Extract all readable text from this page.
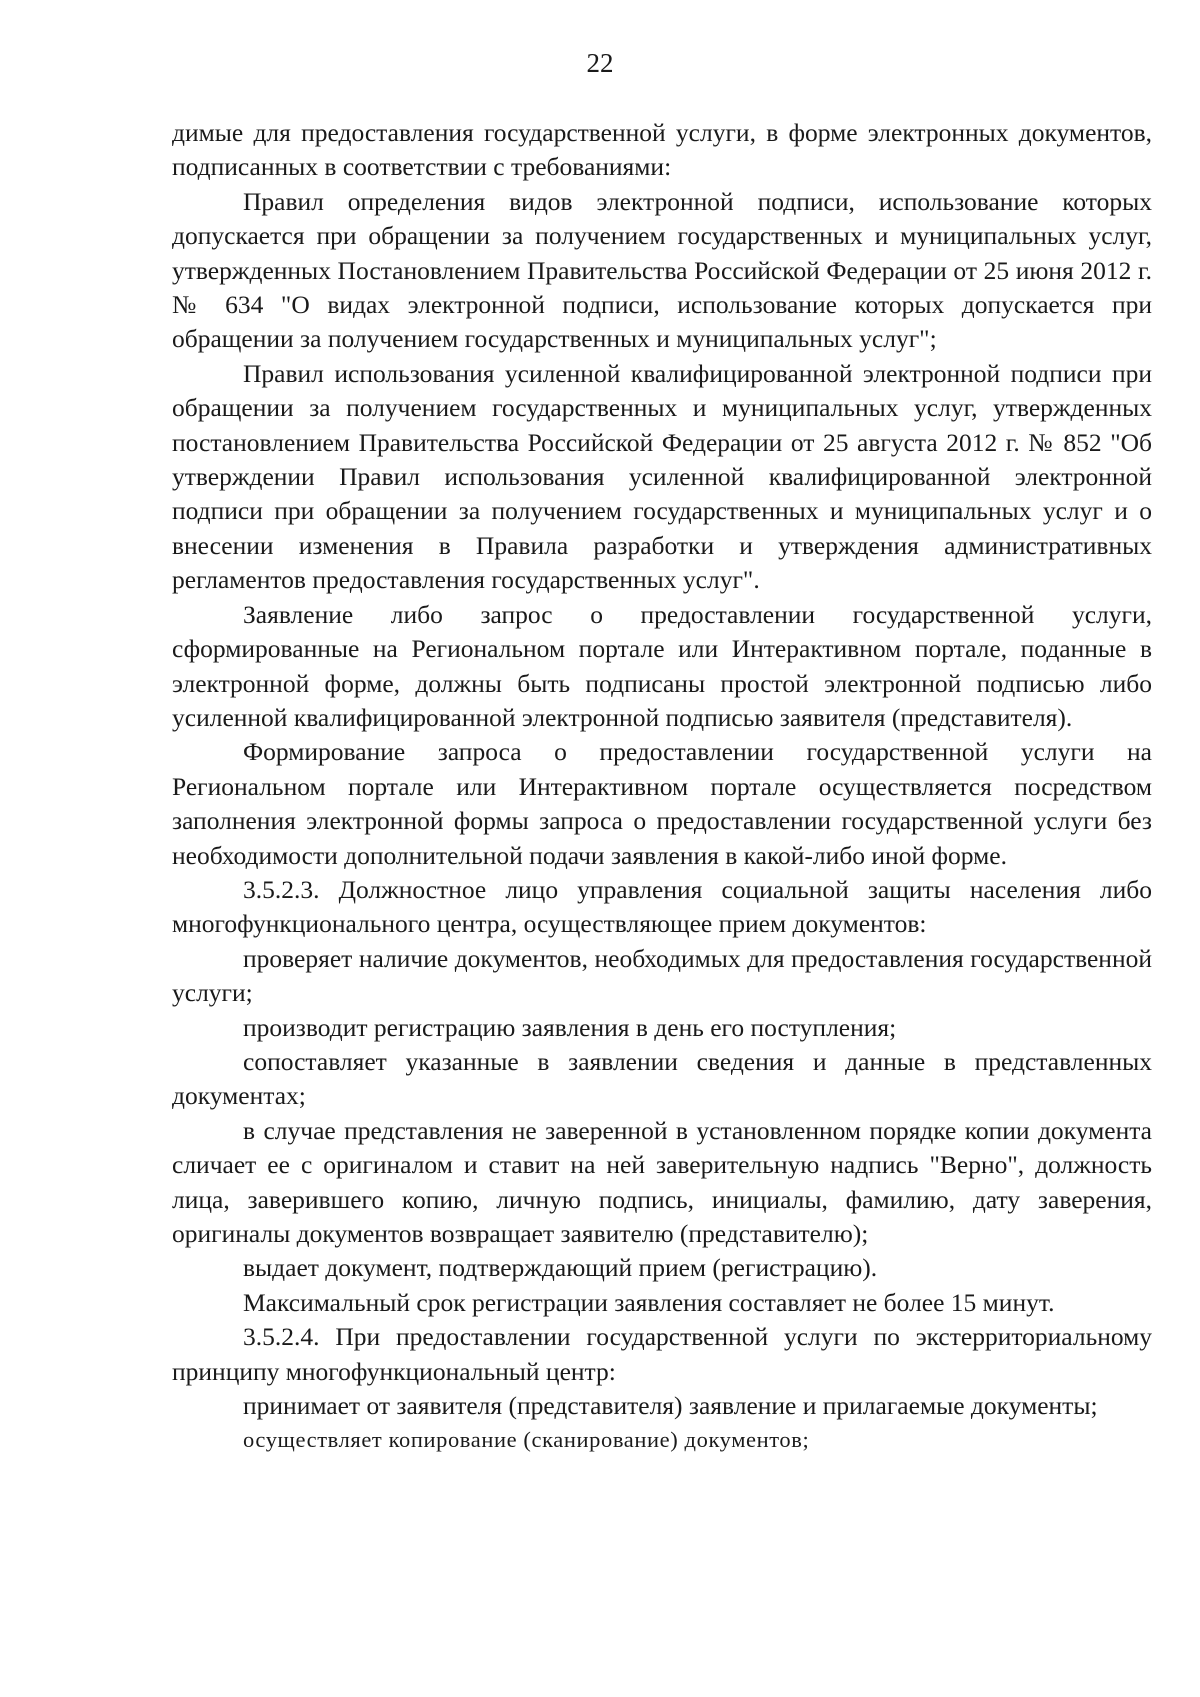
22

димые для предоставления государственной услуги, в форме электронных документов, подписанных в соответствии с требованиями:

Правил определения видов электронной подписи, использование которых допускается при обращении за получением государственных и муниципальных услуг, утвержденных Постановлением Правительства Российской Федерации от 25 июня 2012 г. № 634 "О видах электронной подписи, использование которых допускается при обращении за получением государственных и муниципальных услуг";

Правил использования усиленной квалифицированной электронной подписи при обращении за получением государственных и муниципальных услуг, утвержденных постановлением Правительства Российской Федерации от 25 августа 2012 г. № 852 "Об утверждении Правил использования усиленной квалифицированной электронной подписи при обращении за получением государственных и муниципальных услуг и о внесении изменения в Правила разработки и утверждения административных регламентов предоставления государственных услуг".

Заявление либо запрос о предоставлении государственной услуги, сформированные на Региональном портале или Интерактивном портале, поданные в электронной форме, должны быть подписаны простой электронной подписью либо усиленной квалифицированной электронной подписью заявителя (представителя).

Формирование запроса о предоставлении государственной услуги на Региональном портале или Интерактивном портале осуществляется посредством заполнения электронной формы запроса о предоставлении государственной услуги без необходимости дополнительной подачи заявления в какой-либо иной форме.

3.5.2.3. Должностное лицо управления социальной защиты населения либо многофункционального центра, осуществляющее прием документов:

проверяет наличие документов, необходимых для предоставления государственной услуги;

производит регистрацию заявления в день его поступления;

сопоставляет указанные в заявлении сведения и данные в представленных документах;

в случае представления не заверенной в установленном порядке копии документа сличает ее с оригиналом и ставит на ней заверительную надпись "Верно", должность лица, заверившего копию, личную подпись, инициалы, фамилию, дату заверения, оригиналы документов возвращает заявителю (представителю);

выдает документ, подтверждающий прием (регистрацию).

Максимальный срок регистрации заявления составляет не более 15 минут.

3.5.2.4. При предоставлении государственной услуги по экстерриториальному принципу многофункциональный центр:

принимает от заявителя (представителя) заявление и прилагаемые документы;

осуществляет копирование (сканирование) документов;
